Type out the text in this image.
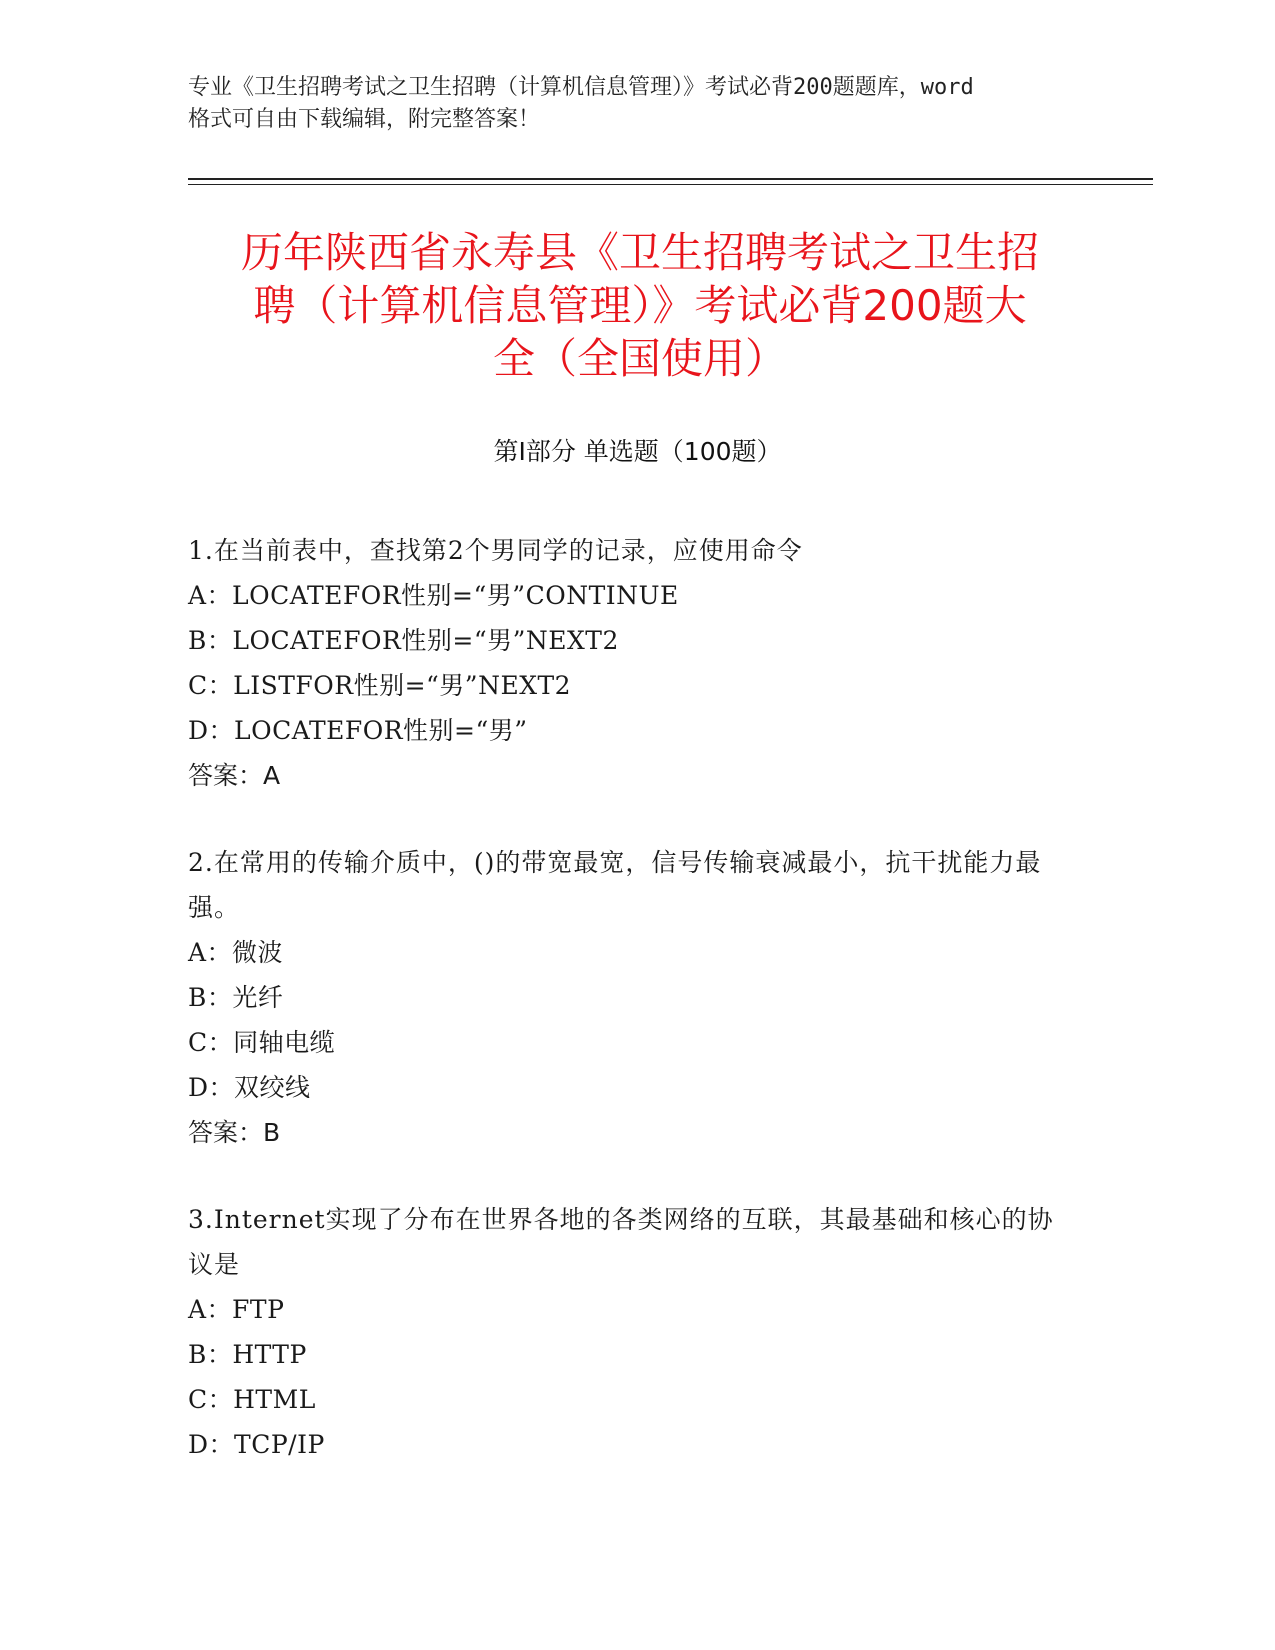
专业《卫生招聘考试之卫生招聘（计算机信息管理）》考试必背200题题库，word
格式可自由下载编辑，附完整答案！
历年陕西省永寿县《卫生招聘考试之卫生招
聘（计算机信息管理）》考试必背200题大
全（全国使用）
第Ⅰ部分 单选题（100题）
1.在当前表中，查找第2个男同学的记录，应使用命令
A：LOCATEFOR性别=“男”CONTINUE
B：LOCATEFOR性别=“男”NEXT2
C：LISTFOR性别=“男”NEXT2
D：LOCATEFOR性别=“男”
答案：A
2.在常用的传输介质中，()的带宽最宽，信号传输衰减最小，抗干扰能力最强。
A：微波
B：光纤
C：同轴电缆
D：双绞线
答案：B
3.Internet实现了分布在世界各地的各类网络的互联，其最基础和核心的协议是
A：FTP
B：HTTP
C：HTML
D：TCP/IP
